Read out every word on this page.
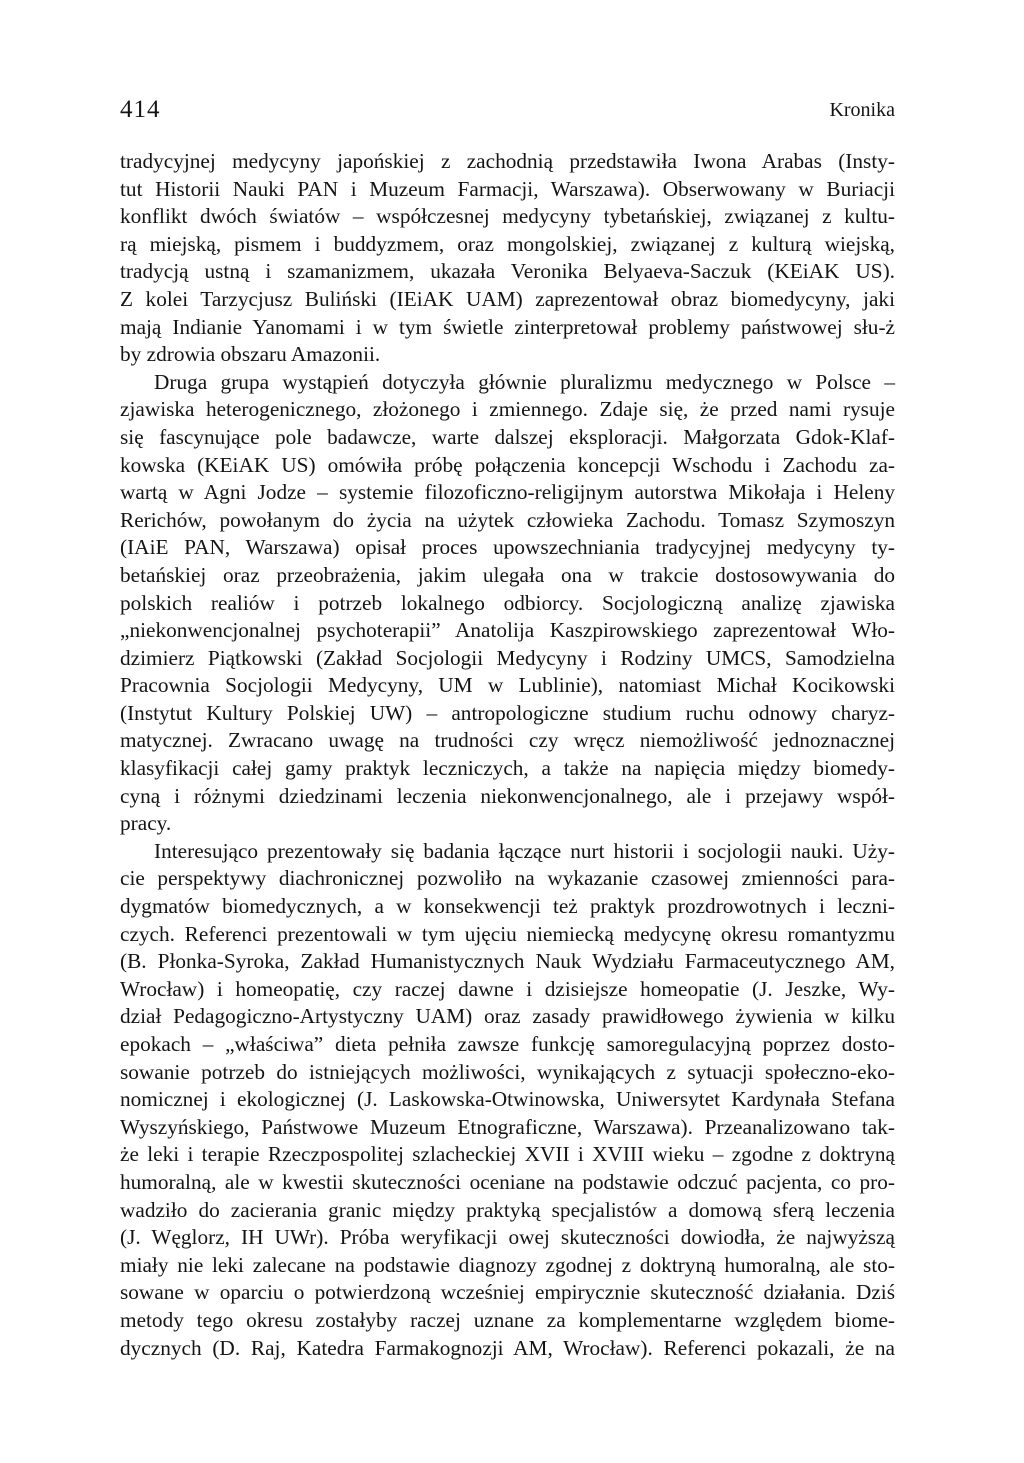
414	Kronika
tradycyjnej medycyny japońskiej z zachodnią przedstawiła Iwona Arabas (Insty-
tut Historii Nauki PAN i Muzeum Farmacji, Warszawa). Obserwowany w Buriacji
konflikt dwóch światów – współczesnej medycyny tybetańskiej, związanej z kultu-
rą miejską, pismem i buddyzmem, oraz mongolskiej, związanej z kulturą wiejską,
tradycją ustną i szamanizmem, ukazała Veronika Belyaeva-Saczuk (KEiAK US).
Z kolei Tarzycjusz Buliński (IEiAK UAM) zaprezentował obraz biomedycyny, jaki
mają Indianie Yanomami i w tym świetle zinterpretował problemy państwowej słu-ż
by zdrowia obszaru Amazonii.
Druga grupa wystąpień dotyczyła głównie pluralizmu medycznego w Polsce –
zjawiska heterogenicznego, złożonego i zmiennego. Zdaje się, że przed nami rysuje
się fascynujące pole badawcze, warte dalszej eksploracji. Małgorzata Gdok-Klaf-
kowska (KEiAK US) omówiła próbę połączenia koncepcji Wschodu i Zachodu za-
wartą w Agni Jodze – systemie filozoficzno-religijnym autorstwa Mikołaja i Heleny
Rerichów, powołanym do życia na użytek człowieka Zachodu. Tomasz Szymoszyn
(IAiE PAN, Warszawa) opisał proces upowszechniania tradycyjnej medycyny ty-
betańskiej oraz przeobrażenia, jakim ulegała ona w trakcie dostosowywania do
polskich realiów i potrzeb lokalnego odbiorcy. Socjologiczną analizę zjawiska
„niekonwencjonalnej psychoterapii” Anatolija Kaszpirowskiego zaprezentował Wło-
dzimierz Piątkowski (Zakład Socjologii Medycyny i Rodziny UMCS, Samodzielna
Pracownia Socjologii Medycyny, UM w Lublinie), natomiast Michał Kocikowski
(Instytut Kultury Polskiej UW) – antropologiczne studium ruchu odnowy charyz-
matycznej. Zwracano uwagę na trudności czy wręcz niemożliwość jednoznacznej
klasyfikacji całej gamy praktyk leczniczych, a także na napięcia między biomedy-
cyną i różnymi dziedzinami leczenia niekonwencjonalnego, ale i przejawy współ-
pracy.
Interesująco prezentowały się badania łączące nurt historii i socjologii nauki. Uży-
cie perspektywy diachronicznej pozwoliło na wykazanie czasowej zmienności para-
dygmatów biomedycznych, a w konsekwencji też praktyk prozdrowotnych i leczni-
czych. Referenci prezentowali w tym ujęciu niemiecką medycynę okresu romantyzmu
(B. Płonka-Syroka, Zakład Humanistycznych Nauk Wydziału Farmaceutycznego AM,
Wrocław) i homeopatię, czy raczej dawne i dzisiejsze homeopatie (J. Jeszke, Wy-
dział Pedagogiczno-Artystyczny UAM) oraz zasady prawidłowego żywienia w kilku
epokach – „właściwa” dieta pełniła zawsze funkcję samoregulacyjną poprzez dosto-
sowanie potrzeb do istniejących możliwości, wynikających z sytuacji społeczno-eko-
nomicznej i ekologicznej (J. Laskowska-Otwinowska, Uniwersytet Kardynała Stefana
Wyszyńskiego, Państwowe Muzeum Etnograficzne, Warszawa). Przeanalizowano tak-
że leki i terapie Rzeczpospolitej szlacheckiej XVII i XVIII wieku – zgodne z doktryną
humoralną, ale w kwestii skuteczności oceniane na podstawie odczuć pacjenta, co pro-
wadziło do zacierania granic między praktyką specjalistów a domową sferą leczenia
(J. Węglorz, IH UWr). Próba weryfikacji owej skuteczności dowiodła, że najwyższą
miały nie leki zalecane na podstawie diagnozy zgodnej z doktryną humoralną, ale sto-
sowane w oparciu o potwierdzoną wcześniej empirycznie skuteczność działania. Dziś
metody tego okresu zostałyby raczej uznane za komplementarne względem biome-
dycznych (D. Raj, Katedra Farmakognozji AM, Wrocław). Referenci pokazali, że na
